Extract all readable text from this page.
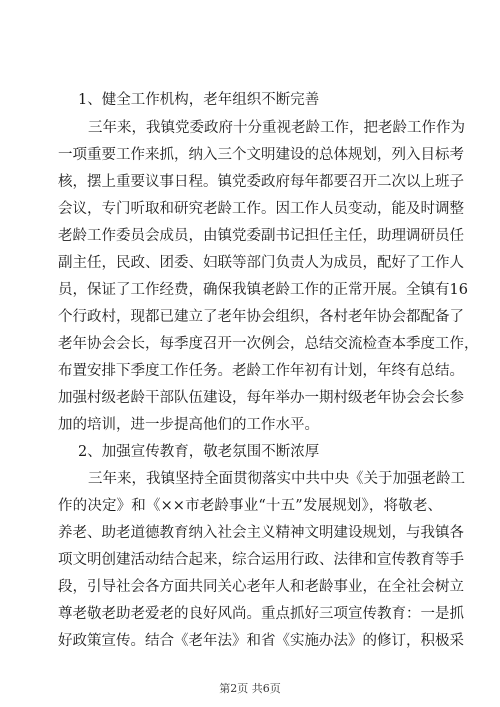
1、健全工作机构，老年组织不断完善
三年来，我镇党委政府十分重视老龄工作，把老龄工作作为
一项重要工作来抓，纳入三个文明建设的总体规划，列入目标考
核，摆上重要议事日程。镇党委政府每年都要召开二次以上班子
会议，专门听取和研究老龄工作。因工作人员变动，能及时调整
老龄工作委员会成员，由镇党委副书记担任主任，助理调研员任
副主任，民政、团委、妇联等部门负责人为成员，配好了工作人
员，保证了工作经费，确保我镇老龄工作的正常开展。全镇有16
个行政村，现都已建立了老年协会组织，各村老年协会都配备了
老年协会会长，每季度召开一次例会，总结交流检查本季度工作，
布置安排下季度工作任务。老龄工作年初有计划，年终有总结。
加强村级老龄干部队伍建设，每年举办一期村级老年协会会长参
加的培训，进一步提高他们的工作水平。
2、加强宣传教育，敬老氛围不断浓厚
三年来，我镇坚持全面贯彻落实中共中央《关于加强老龄工
作的决定》和《××市老龄事业“十五”发展规划》，将敬老、
养老、助老道德教育纳入社会主义精神文明建设规划，与我镇各
项文明创建活动结合起来，综合运用行政、法律和宣传教育等手
段，引导社会各方面共同关心老年人和老龄事业，在全社会树立
尊老敬老助老爱老的良好风尚。重点抓好三项宣传教育：一是抓
好政策宣传。结合《老年法》和省《实施办法》的修订，积极采
第2页 共6页
